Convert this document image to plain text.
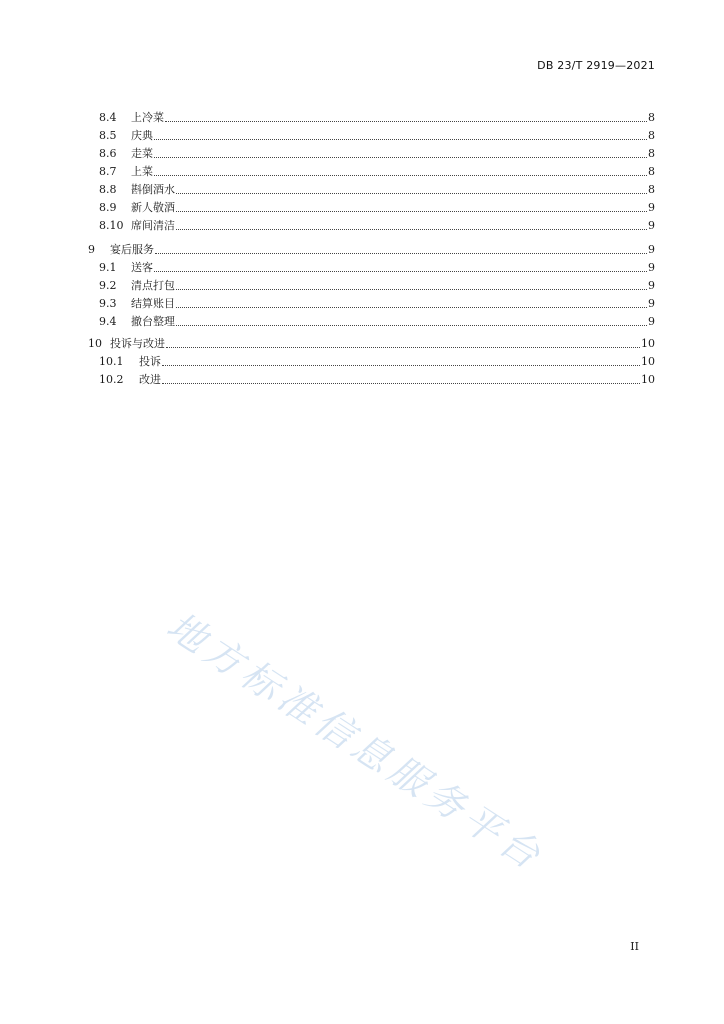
DB 23/T 2919—2021
8.4	上冷菜	8
8.5	庆典	8
8.6	走菜	8
8.7	上菜	8
8.8	斟倒酒水	8
8.9	新人敬酒	9
8.10 席间清洁	9
9	宴后服务	9
9.1	送客	9
9.2	清点打包	9
9.3	结算账目	9
9.4	撤台整理	9
10 投诉与改进	10
10.1	投诉	10
10.2	改进	10
地方标准信息服务平台
II
